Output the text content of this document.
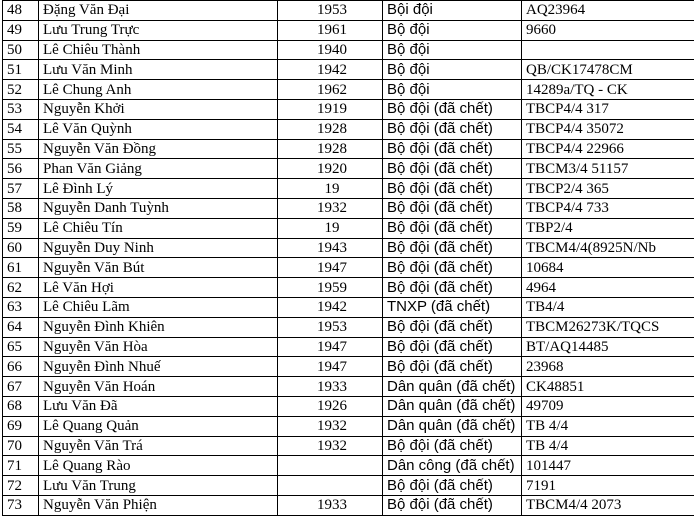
48	Đặng Văn Đại	1953	Bội đội	AQ23964
49	Lưu Trung Trực	1961	Bộ đội	9660
50	Lê Chiêu Thành	1940	Bộ đội	
51	Lưu Văn Minh	1942	Bộ đội	QB/CK17478CM
52	Lê Chung Anh	1962	Bộ đội	14289a/TQ - CK
53	Nguyễn Khởi	1919	Bộ đội (đã chết)	TBCP4/4 317
54	Lê Văn Quỳnh	1928	Bộ đội (đã chết)	TBCP4/4 35072
55	Nguyễn Văn Đồng	1928	Bộ đội (đã chết)	TBCP4/4 22966
56	Phan Văn Giảng	1920	Bộ đội (đã chết)	TBCM3/4 51157
57	Lê Đình Lý	19	Bộ đội (đã chết)	TBCP2/4 365
58	Nguyễn Danh Tuỳnh	1932	Bộ đội (đã chết)	TBCP4/4 733
59	Lê Chiêu Tín	19	Bộ đội (đã chết)	TBP2/4
60	Nguyễn Duy Ninh	1943	Bộ đội (đã chết)	TBCM4/4(8925N/Nb
61	Nguyễn Văn Bút	1947	Bộ đội (đã chết)	10684
62	Lê Văn Hợi	1959	Bộ đội (đã chết)	4964
63	Lê Chiêu Lãm	1942	TNXP (đã chết)	TB4/4
64	Nguyễn Đình Khiên	1953	Bộ đội (đã chết)	TBCM26273K/TQCS
65	Nguyễn Văn Hòa	1947	Bộ đội (đã chết)	BT/AQ14485
66	Nguyễn Đình Nhuế	1947	Bộ đội (đã chết)	23968
67	Nguyễn Văn Hoán	1933	Dân quân (đã chết)	CK48851
68	Lưu Văn Đã	1926	Dân quân (đã chết)	49709
69	Lê Quang Quản	1932	Dân quân (đã chết)	TB 4/4
70	Nguyễn Văn Trá	1932	Bộ đội (đã chết)	TB 4/4
71	Lê Quang Rào		Dân công (đã chết)	101447
72	Lưu Văn Trung		Bộ đội (đã chết)	7191
73	Nguyễn Văn Phiện	1933	Bộ đội (đã chết)	TBCM4/4 2073
